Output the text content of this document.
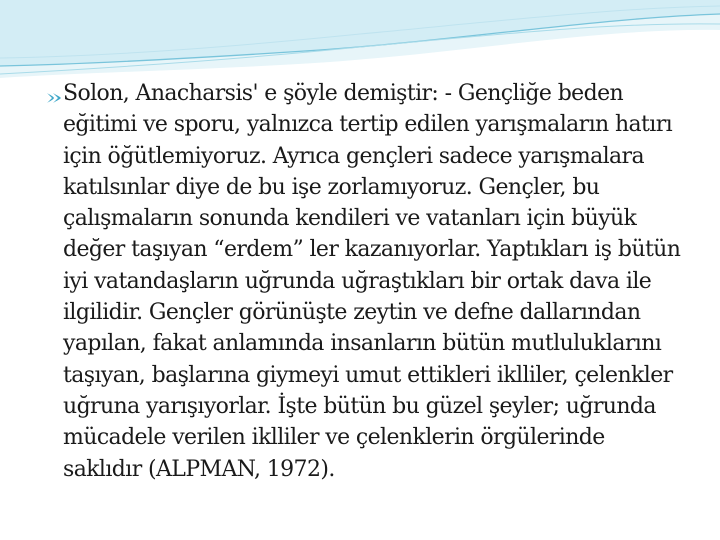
Solon, Anacharsis' e şöyle demiştir: - Gençliğe beden eğitimi ve sporu, yalnızca tertip edilen yarışmaların hatırı için öğütlemiyoruz. Ayrıca gençleri sadece yarışmalara katılsınlar diye de bu işe zorlamıyoruz. Gençler, bu çalışmaların sonunda kendileri ve vatanları için büyük değer taşıyan “erdem” ler kazanıyorlar. Yaptıkları iş bütün iyi vatandaşların uğrunda uğraştıkları bir ortak dava ile ilgilidir. Gençler görünüşte zeytin ve defne dallarından yapılan, fakat anlamında insanların bütün mutluluklarını taşıyan, başlarına giymeyi umut ettikleri iklliler, çelenkler uğruna yarışıyorlar. İşte bütün bu güzel şeyler; uğrunda mücadele verilen iklliler ve çelenklerin örgülerinde saklıdır (ALPMAN, 1972).
